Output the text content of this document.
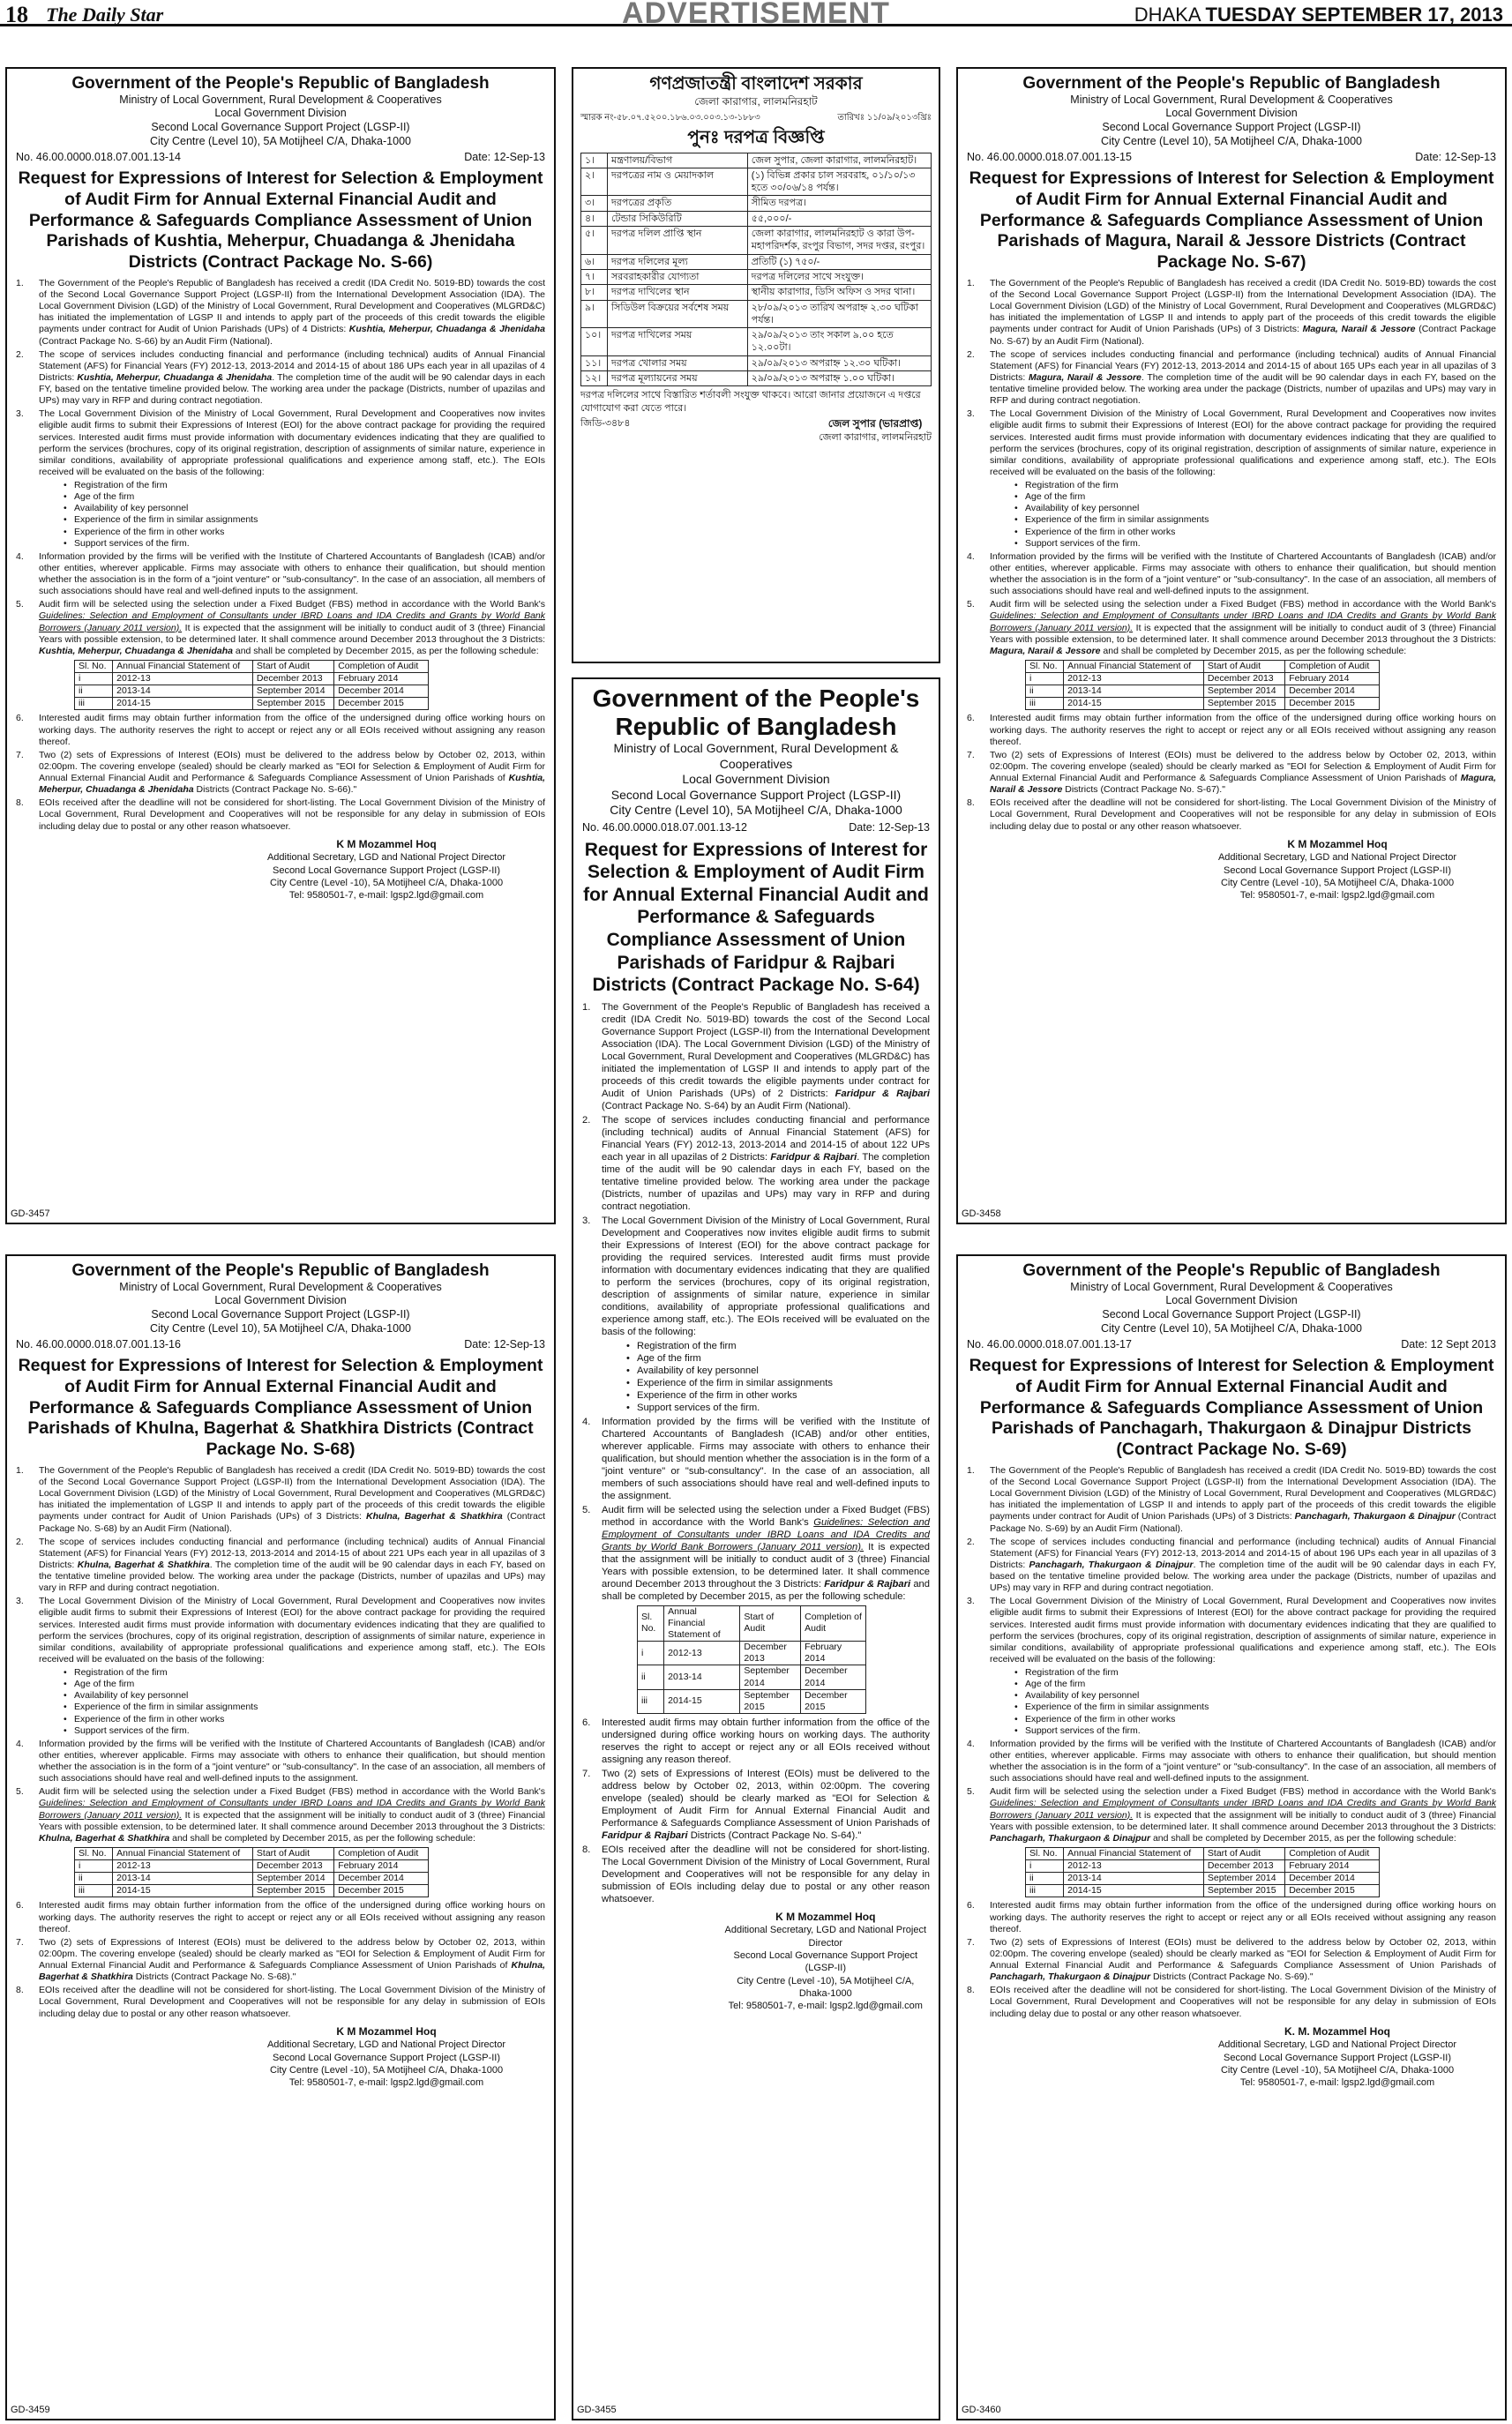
18 The Daily Star	ADVERTISEMENT	DHAKA TUESDAY SEPTEMBER 17, 2013
Government of the People's Republic of Bangladesh
Ministry of Local Government, Rural Development & Cooperatives
Local Government Division
Second Local Governance Support Project (LGSP-II)
City Centre (Level 10), 5A Motijheel C/A, Dhaka-1000
No. 46.00.0000.018.07.001.13-14	Date: 12-Sep-13
Request for Expressions of Interest for Selection & Employment of Audit Firm for Annual External Financial Audit and Performance & Safeguards Compliance Assessment of Union Parishads of Kushtia, Meherpur, Chuadanga & Jhenidaha Districts (Contract Package No. S-66)
1. The Government of the People's Republic of Bangladesh has received a credit (IDA Credit No. 5019-BD) towards the cost of the Second Local Governance Support Project (LGSP-II) from the International Development Association (IDA). The Local Government Division (LGD) of the Ministry of Local Government, Rural Development and Cooperatives (MLGRD&C) has initiated the implementation of LGSP II and intends to apply part of the proceeds of this credit towards the eligible payments under contract for Audit of Union Parishads (UPs) of 4 Districts: Kushtia, Meherpur, Chuadanga & Jhenidaha (Contract Package No. S-66) by an Audit Firm (National).
2. The scope of services includes conducting financial and performance (including technical) audits of Annual Financial Statement (AFS) for Financial Years (FY) 2012-13, 2013-2014 and 2014-15 of about 186 UPs each year in all upazilas of 4 Districts: Kushtia, Meherpur, Chuadanga & Jhenidaha. The completion time of the audit will be 90 calendar days in each FY, based on the tentative timeline provided below. The working area under the package (Districts, number of upazilas and UPs) may vary in RFP and during contract negotiation.
3. The Local Government Division of the Ministry of Local Government, Rural Development and Cooperatives now invites eligible audit firms to submit their Expressions of Interest (EOI) for the above contract package for providing the required services. Interested audit firms must provide information with documentary evidences indicating that they are qualified to perform the services (brochures, copy of its original registration, description of assignments of similar nature, experience in similar conditions, availability of appropriate professional qualifications and experience among staff, etc.). The EOIs received will be evaluated on the basis of the following:
• Registration of the firm
• Age of the firm
• Availability of key personnel
• Experience of the firm in similar assignments
• Experience of the firm in other works
• Support services of the firm.
4. Information provided by the firms will be verified with the Institute of Chartered Accountants of Bangladesh (ICAB) and/or other entities, wherever applicable. Firms may associate with others to enhance their qualification, but should mention whether the association is in the form of a "joint venture" or "sub-consultancy". In the case of an association, all members of such associations should have real and well-defined inputs to the assignment.
5. Audit firm will be selected using the selection under a Fixed Budget (FBS) method in accordance with the World Bank's Guidelines: Selection and Employment of Consultants under IBRD Loans and IDA Credits and Grants by World Bank Borrowers (January 2011 version). It is expected that the assignment will be initially to conduct audit of 3 (three) Financial Years with possible extension, to be determined later. It shall commence around December 2013 throughout the 3 Districts: Kushtia, Meherpur, Chuadanga & Jhenidaha and shall be completed by December 2015, as per the following schedule:
Sl. No.	Annual Financial Statement of	Start of Audit	Completion of Audit
i	2012-13	December 2013	February 2014
ii	2013-14	September 2014	December 2014
iii	2014-15	September 2015	December 2015
6. Interested audit firms may obtain further information from the office of the undersigned during office working hours on working days. The authority reserves the right to accept or reject any or all EOIs received without assigning any reason thereof.
7. Two (2) sets of Expressions of Interest (EOIs) must be delivered to the address below by October 02, 2013, within 02:00pm. The covering envelope (sealed) should be clearly marked as "EOI for Selection & Employment of Audit Firm for Annual External Financial Audit and Performance & Safeguards Compliance Assessment of Union Parishads of Kushtia, Meherpur, Chuadanga & Jhenidaha Districts (Contract Package No. S-66)."
8. EOIs received after the deadline will not be considered for short-listing. The Local Government Division of the Ministry of Local Government, Rural Development and Cooperatives will not be responsible for any delay in submission of EOIs including delay due to postal or any other reason whatsoever.
K M Mozammel Hoq
Additional Secretary, LGD and National Project Director
Second Local Governance Support Project (LGSP-II)
City Centre (Level -10), 5A Motijheel C/A, Dhaka-1000
Tel: 9580501-7, e-mail: lgsp2.lgd@gmail.com
GD-3457
Government of the People's Republic of Bangladesh
Ministry of Local Government, Rural Development & Cooperatives
Local Government Division
Second Local Governance Support Project (LGSP-II)
City Centre (Level 10), 5A Motijheel C/A, Dhaka-1000
No. 46.00.0000.018.07.001.13-15	Date: 12-Sep-13
Request for Expressions of Interest for Selection & Employment of Audit Firm for Annual External Financial Audit and Performance & Safeguards Compliance Assessment of Union Parishads of Magura, Narail & Jessore Districts (Contract Package No. S-67)
1. The Government of the People's Republic of Bangladesh has received a credit (IDA Credit No. 5019-BD) towards the cost of the Second Local Governance Support Project (LGSP-II) from the International Development Association (IDA). The Local Government Division (LGD) of the Ministry of Local Government, Rural Development and Cooperatives (MLGRD&C) has initiated the implementation of LGSP II and intends to apply part of the proceeds of this credit towards the eligible payments under contract for Audit of Union Parishads (UPs) of 3 Districts: Magura, Narail & Jessore (Contract Package No. S-67) by an Audit Firm (National).
2. The scope of services includes conducting financial and performance (including technical) audits of Annual Financial Statement (AFS) for Financial Years (FY) 2012-13, 2013-2014 and 2014-15 of about 165 UPs each year in all upazilas of 3 Districts: Magura, Narail & Jessore. The completion time of the audit will be 90 calendar days in each FY, based on the tentative timeline provided below. The working area under the package (Districts, number of upazilas and UPs) may vary in RFP and during contract negotiation.
3. The Local Government Division of the Ministry of Local Government, Rural Development and Cooperatives now invites eligible audit firms to submit their Expressions of Interest (EOI) for the above contract package for providing the required services. Interested audit firms must provide information with documentary evidences indicating that they are qualified to perform the services (brochures, copy of its original registration, description of assignments of similar nature, experience in similar conditions, availability of appropriate professional qualifications and experience among staff, etc.). The EOIs received will be evaluated on the basis of the following:
• Registration of the firm
• Age of the firm
• Availability of key personnel
• Experience of the firm in similar assignments
• Experience of the firm in other works
• Support services of the firm.
4. Information provided by the firms will be verified with the Institute of Chartered Accountants of Bangladesh (ICAB) and/or other entities, wherever applicable. Firms may associate with others to enhance their qualification, but should mention whether the association is in the form of a "joint venture" or "sub-consultancy". In the case of an association, all members of such associations should have real and well-defined inputs to the assignment.
5. Audit firm will be selected using the selection under a Fixed Budget (FBS) method in accordance with the World Bank's Guidelines: Selection and Employment of Consultants under IBRD Loans and IDA Credits and Grants by World Bank Borrowers (January 2011 version). It is expected that the assignment will be initially to conduct audit of 3 (three) Financial Years with possible extension, to be determined later. It shall commence around December 2013 throughout the 3 Districts: Magura, Narail & Jessore and shall be completed by December 2015, as per the following schedule:
Sl. No.	Annual Financial Statement of	Start of Audit	Completion of Audit
i	2012-13	December 2013	February 2014
ii	2013-14	September 2014	December 2014
iii	2014-15	September 2015	December 2015
6. Interested audit firms may obtain further information from the office of the undersigned during office working hours on working days. The authority reserves the right to accept or reject any or all EOIs received without assigning any reason thereof.
7. Two (2) sets of Expressions of Interest (EOIs) must be delivered to the address below by October 02, 2013, within 02:00pm. The covering envelope (sealed) should be clearly marked as "EOI for Selection & Employment of Audit Firm for Annual External Financial Audit and Performance & Safeguards Compliance Assessment of Union Parishads of Magura, Narail & Jessore Districts (Contract Package No. S-67)."
8. EOIs received after the deadline will not be considered for short-listing. The Local Government Division of the Ministry of Local Government, Rural Development and Cooperatives will not be responsible for any delay in submission of EOIs including delay due to postal or any other reason whatsoever.
K M Mozammel Hoq
Additional Secretary, LGD and National Project Director
Second Local Governance Support Project (LGSP-II)
City Centre (Level -10), 5A Motijheel C/A, Dhaka-1000
Tel: 9580501-7, e-mail: lgsp2.lgd@gmail.com
GD-3458
Government of the People's Republic of Bangladesh
Ministry of Local Government, Rural Development & Cooperatives
Local Government Division
Second Local Governance Support Project (LGSP-II)
City Centre (Level 10), 5A Motijheel C/A, Dhaka-1000
No. 46.00.0000.018.07.001.13-16	Date: 12-Sep-13
Request for Expressions of Interest for Selection & Employment of Audit Firm for Annual External Financial Audit and Performance & Safeguards Compliance Assessment of Union Parishads of Khulna, Bagerhat & Shatkhira Districts (Contract Package No. S-68)
1. The Government of the People's Republic of Bangladesh has received a credit (IDA Credit No. 5019-BD) towards the cost of the Second Local Governance Support Project (LGSP-II) from the International Development Association (IDA). The Local Government Division (LGD) of the Ministry of Local Government, Rural Development and Cooperatives (MLGRD&C) has initiated the implementation of LGSP II and intends to apply part of the proceeds of this credit towards the eligible payments under contract for Audit of Union Parishads (UPs) of 3 Districts: Khulna, Bagerhat & Shatkhira (Contract Package No. S-68) by an Audit Firm (National).
2. The scope of services includes conducting financial and performance (including technical) audits of Annual Financial Statement (AFS) for Financial Years (FY) 2012-13, 2013-2014 and 2014-15 of about 221 UPs each year in all upazilas of 3 Districts: Khulna, Bagerhat & Shatkhira. The completion time of the audit will be 90 calendar days in each FY, based on the tentative timeline provided below. The working area under the package (Districts, number of upazilas and UPs) may vary in RFP and during contract negotiation.
3. The Local Government Division of the Ministry of Local Government, Rural Development and Cooperatives now invites eligible audit firms to submit their Expressions of Interest (EOI) for the above contract package for providing the required services. Interested audit firms must provide information with documentary evidences indicating that they are qualified to perform the services (brochures, copy of its original registration, description of assignments of similar nature, experience in similar conditions, availability of appropriate professional qualifications and experience among staff, etc.). The EOIs received will be evaluated on the basis of the following:
• Registration of the firm
• Age of the firm
• Availability of key personnel
• Experience of the firm in similar assignments
• Experience of the firm in other works
• Support services of the firm.
4. Information provided by the firms will be verified with the Institute of Chartered Accountants of Bangladesh (ICAB) and/or other entities, wherever applicable. Firms may associate with others to enhance their qualification, but should mention whether the association is in the form of a "joint venture" or "sub-consultancy". In the case of an association, all members of such associations should have real and well-defined inputs to the assignment.
5. Audit firm will be selected using the selection under a Fixed Budget (FBS) method in accordance with the World Bank's Guidelines: Selection and Employment of Consultants under IBRD Loans and IDA Credits and Grants by World Bank Borrowers (January 2011 version). It is expected that the assignment will be initially to conduct audit of 3 (three) Financial Years with possible extension, to be determined later. It shall commence around December 2013 throughout the 3 Districts: Khulna, Bagerhat & Shatkhira and shall be completed by December 2015, as per the following schedule:
Sl. No.	Annual Financial Statement of	Start of Audit	Completion of Audit
i	2012-13	December 2013	February 2014
ii	2013-14	September 2014	December 2014
iii	2014-15	September 2015	December 2015
6. Interested audit firms may obtain further information from the office of the undersigned during office working hours on working days. The authority reserves the right to accept or reject any or all EOIs received without assigning any reason thereof.
7. Two (2) sets of Expressions of Interest (EOIs) must be delivered to the address below by October 02, 2013, within 02:00pm. The covering envelope (sealed) should be clearly marked as "EOI for Selection & Employment of Audit Firm for Annual External Financial Audit and Performance & Safeguards Compliance Assessment of Union Parishads of Khulna, Bagerhat & Shatkhira Districts (Contract Package No. S-68)."
8. EOIs received after the deadline will not be considered for short-listing. The Local Government Division of the Ministry of Local Government, Rural Development and Cooperatives will not be responsible for any delay in submission of EOIs including delay due to postal or any other reason whatsoever.
K M Mozammel Hoq
Additional Secretary, LGD and National Project Director
Second Local Governance Support Project (LGSP-II)
City Centre (Level -10), 5A Motijheel C/A, Dhaka-1000
Tel: 9580501-7, e-mail: lgsp2.lgd@gmail.com
GD-3459
Government of the People's Republic of Bangladesh
Ministry of Local Government, Rural Development & Cooperatives
Local Government Division
Second Local Governance Support Project (LGSP-II)
City Centre (Level 10), 5A Motijheel C/A, Dhaka-1000
No. 46.00.0000.018.07.001.13-12	Date: 12-Sep-13
Request for Expressions of Interest for Selection & Employment of Audit Firm for Annual External Financial Audit and Performance & Safeguards Compliance Assessment of Union Parishads of Faridpur & Rajbari Districts (Contract Package No. S-64)
1. The Government of the People's Republic of Bangladesh has received a credit (IDA Credit No. 5019-BD) towards the cost of the Second Local Governance Support Project (LGSP-II) from the International Development Association (IDA). The Local Government Division (LGD) of the Ministry of Local Government, Rural Development and Cooperatives (MLGRD&C) has initiated the implementation of LGSP II and intends to apply part of the proceeds of this credit towards the eligible payments under contract for Audit of Union Parishads (UPs) of 2 Districts: Faridpur & Rajbari (Contract Package No. S-64) by an Audit Firm (National).
2. The scope of services includes conducting financial and performance (including technical) audits of Annual Financial Statement (AFS) for Financial Years (FY) 2012-13, 2013-2014 and 2014-15 of about 122 UPs each year in all upazilas of 2 Districts: Faridpur & Rajbari. The completion time of the audit will be 90 calendar days in each FY, based on the tentative timeline provided below. The working area under the package (Districts, number of upazilas and UPs) may vary in RFP and during contract negotiation.
3. The Local Government Division of the Ministry of Local Government, Rural Development and Cooperatives now invites eligible audit firms to submit their Expressions of Interest (EOI) for the above contract package for providing the required services. Interested audit firms must provide information with documentary evidences indicating that they are qualified to perform the services (brochures, copy of its original registration, description of assignments of similar nature, experience in similar conditions, availability of appropriate professional qualifications and experience among staff, etc.). The EOIs received will be evaluated on the basis of the following:
• Registration of the firm
• Age of the firm
• Availability of key personnel
• Experience of the firm in similar assignments
• Experience of the firm in other works
• Support services of the firm.
4. Information provided by the firms will be verified with the Institute of Chartered Accountants of Bangladesh (ICAB) and/or other entities, wherever applicable. Firms may associate with others to enhance their qualification, but should mention whether the association is in the form of a "joint venture" or "sub-consultancy". In the case of an association, all members of such associations should have real and well-defined inputs to the assignment.
5. Audit firm will be selected using the selection under a Fixed Budget (FBS) method in accordance with the World Bank's Guidelines: Selection and Employment of Consultants under IBRD Loans and IDA Credits and Grants by World Bank Borrowers (January 2011 version). It is expected that the assignment will be initially to conduct audit of 3 (three) Financial Years with possible extension, to be determined later. It shall commence around December 2013 throughout the 3 Districts: Faridpur & Rajbari and shall be completed by December 2015, as per the following schedule:
Sl. No.	Annual Financial Statement of	Start of Audit	Completion of Audit
i	2012-13	December 2013	February 2014
ii	2013-14	September 2014	December 2014
iii	2014-15	September 2015	December 2015
6. Interested audit firms may obtain further information from the office of the undersigned during office working hours on working days. The authority reserves the right to accept or reject any or all EOIs received without assigning any reason thereof.
7. Two (2) sets of Expressions of Interest (EOIs) must be delivered to the address below by October 02, 2013, within 02:00pm. The covering envelope (sealed) should be clearly marked as "EOI for Selection & Employment of Audit Firm for Annual External Financial Audit and Performance & Safeguards Compliance Assessment of Union Parishads of Faridpur & Rajbari Districts (Contract Package No. S-64)."
8. EOIs received after the deadline will not be considered for short-listing. The Local Government Division of the Ministry of Local Government, Rural Development and Cooperatives will not be responsible for any delay in submission of EOIs including delay due to postal or any other reason whatsoever.
K M Mozammel Hoq
Additional Secretary, LGD and National Project Director
Second Local Governance Support Project (LGSP-II)
City Centre (Level -10), 5A Motijheel C/A, Dhaka-1000
Tel: 9580501-7, e-mail: lgsp2.lgd@gmail.com
GD-3455
Government of the People's Republic of Bangladesh
Ministry of Local Government, Rural Development & Cooperatives
Local Government Division
Second Local Governance Support Project (LGSP-II)
City Centre (Level 10), 5A Motijheel C/A, Dhaka-1000
No. 46.00.0000.018.07.001.13-17	Date: 12 Sept 2013
Request for Expressions of Interest for Selection & Employment of Audit Firm for Annual External Financial Audit and Performance & Safeguards Compliance Assessment of Union Parishads of Panchagarh, Thakurgaon & Dinajpur Districts (Contract Package No. S-69)
1. The Government of the People's Republic of Bangladesh has received a credit (IDA Credit No. 5019-BD) towards the cost of the Second Local Governance Support Project (LGSP-II) from the International Development Association (IDA). The Local Government Division (LGD) of the Ministry of Local Government, Rural Development and Cooperatives (MLGRD&C) has initiated the implementation of LGSP II and intends to apply part of the proceeds of this credit towards the eligible payments under contract for Audit of Union Parishads (UPs) of 3 Districts: Panchagarh, Thakurgaon & Dinajpur (Contract Package No. S-69) by an Audit Firm (National).
2. The scope of services includes conducting financial and performance (including technical) audits of Annual Financial Statement (AFS) for Financial Years (FY) 2012-13, 2013-2014 and 2014-15 of about 196 UPs each year in all upazilas of 3 Districts: Panchagarh, Thakurgaon & Dinajpur. The completion time of the audit will be 90 calendar days in each FY, based on the tentative timeline provided below. The working area under the package (Districts, number of upazilas and UPs) may vary in RFP and during contract negotiation.
3. The Local Government Division of the Ministry of Local Government, Rural Development and Cooperatives now invites eligible audit firms to submit their Expressions of Interest (EOI) for the above contract package for providing the required services. Interested audit firms must provide information with documentary evidences indicating that they are qualified to perform the services (brochures, copy of its original registration, description of assignments of similar nature, experience in similar conditions, availability of appropriate professional qualifications and experience among staff, etc.). The EOIs received will be evaluated on the basis of the following:
• Registration of the firm
• Age of the firm
• Availability of key personnel
• Experience of the firm in similar assignments
• Experience of the firm in other works
• Support services of the firm.
4. Information provided by the firms will be verified with the Institute of Chartered Accountants of Bangladesh (ICAB) and/or other entities, wherever applicable. Firms may associate with others to enhance their qualification, but should mention whether the association is in the form of a "joint venture" or "sub-consultancy". In the case of an association, all members of such associations should have real and well-defined inputs to the assignment.
5. Audit firm will be selected using the selection under a Fixed Budget (FBS) method in accordance with the World Bank's Guidelines: Selection and Employment of Consultants under IBRD Loans and IDA Credits and Grants by World Bank Borrowers (January 2011 version). It is expected that the assignment will be initially to conduct audit of 3 (three) Financial Years with possible extension, to be determined later. It shall commence around December 2013 throughout the 3 Districts: Panchagarh, Thakurgaon & Dinajpur and shall be completed by December 2015, as per the following schedule:
Sl. No.	Annual Financial Statement of	Start of Audit	Completion of Audit
i	2012-13	December 2013	February 2014
ii	2013-14	September 2014	December 2014
iii	2014-15	September 2015	December 2015
6. Interested audit firms may obtain further information from the office of the undersigned during office working hours on working days. The authority reserves the right to accept or reject any or all EOIs received without assigning any reason thereof.
7. Two (2) sets of Expressions of Interest (EOIs) must be delivered to the address below by October 02, 2013, within 02:00pm. The covering envelope (sealed) should be clearly marked as "EOI for Selection & Employment of Audit Firm for Annual External Financial Audit and Performance & Safeguards Compliance Assessment of Union Parishads of Panchagarh, Thakurgaon & Dinajpur Districts (Contract Package No. S-69)."
8. EOIs received after the deadline will not be considered for short-listing. The Local Government Division of the Ministry of Local Government, Rural Development and Cooperatives will not be responsible for any delay in submission of EOIs including delay due to postal or any other reason whatsoever.
K. M. Mozammel Hoq
Additional Secretary, LGD and National Project Director
Second Local Governance Support Project (LGSP-II)
City Centre (Level -10), 5A Motijheel C/A, Dhaka-1000
Tel: 9580501-7, e-mail: lgsp2.lgd@gmail.com
GD-3460
গণপ্রজাতন্ত্রী বাংলাদেশ সরকার
জেলা কারাগার, লালমনিরহাট
স্মারক নং-৫৮.০৭.৫২০০.১৮৬.০৩.০০৩.১৩-১৮৮৩	তারিখঃ ১১/০৯/২০১৩খ্রিঃ
পুনঃ দরপত্র বিজ্ঞপ্তি
১।	মন্ত্রণালয়/বিভাগ	জেল সুপার, জেলা কারাগার, লালমনিরহাট।
২।	দরপত্রের নাম ও মেয়াদকাল	(১) বিভিন্ন প্রকার চাল সরবরাহ, ০১/১০/১৩ হতে ৩০/০৬/১৪ পর্যন্ত।
৩।	দরপত্রের প্রকৃতি	সীমিত দরপত্র।
৪।	টেন্ডার সিকিউরিটি	৫৫,০০০/-
৫।	দরপত্র দলিল প্রাপ্তি স্থান	জেলা কারাগার, লালমনিরহাট ও কারা উপ-মহাপরিদর্শক, রংপুর বিভাগ, সদর দপ্তর, রংপুর।
৬।	দরপত্র দলিলের মূল্য	প্রতিটি (১) ৭৫০/-
৭।	সরবরাহকারীর যোগ্যতা	দরপত্র দলিলের সাথে সংযুক্ত।
৮।	দরপত্র দাখিলের স্থান	স্থানীয় কারাগার, ডিসি অফিস ও সদর থানা।
৯।	সিডিউল বিক্রয়ের সর্বশেষ সময়	২৮/০৯/২০১৩ তারিখ অপরাহ্ন ২.৩০ ঘটিকা পর্যন্ত।
১০।	দরপত্র দাখিলের সময়	২৯/০৯/২০১৩ তাং সকাল ৯.০০ হতে ১২.০০টা।
১১।	দরপত্র খোলার সময়	২৯/০৯/২০১৩ অপরাহ্ন ১২.৩০ ঘটিকা।
১২।	দরপত্র মূল্যায়নের সময়	২৯/০৯/২০১৩ অপরাহ্ন ১.০০ ঘটিকা।
দরপত্র দলিলের সাথে বিস্তারিত শর্তাবলী সংযুক্ত থাকবে। আরো জানার প্রয়োজনে এ দপ্তরে যোগাযোগ করা যেতে পারে।
জিডি-৩৪৮৪	জেল সুপার (ভারপ্রাপ্ত)
জেলা কারাগার, লালমনিরহাট
